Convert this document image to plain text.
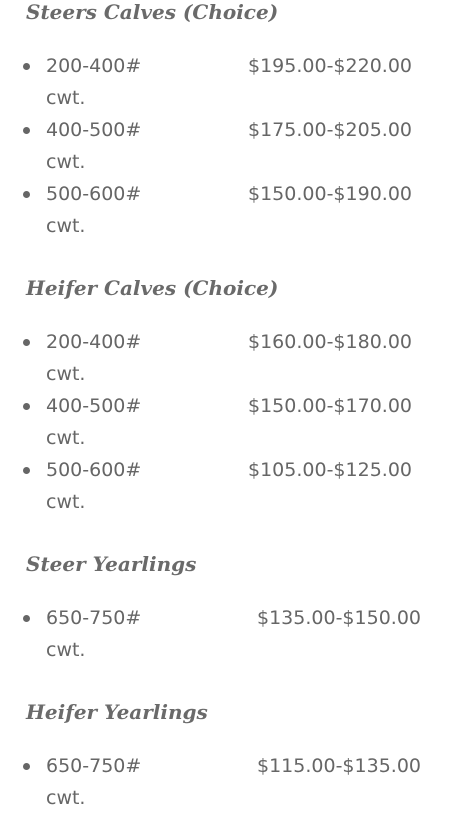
Steers Calves (Choice)
200-400#	$195.00-$220.00
cwt.
400-500#	$175.00-$205.00
cwt.
500-600#	$150.00-$190.00
cwt.
Heifer Calves (Choice)
200-400#	$160.00-$180.00
cwt.
400-500#	$150.00-$170.00
cwt.
500-600#	$105.00-$125.00
cwt.
Steer Yearlings
650-750#	$135.00-$150.00
cwt.
Heifer Yearlings
650-750#	$115.00-$135.00
cwt.
